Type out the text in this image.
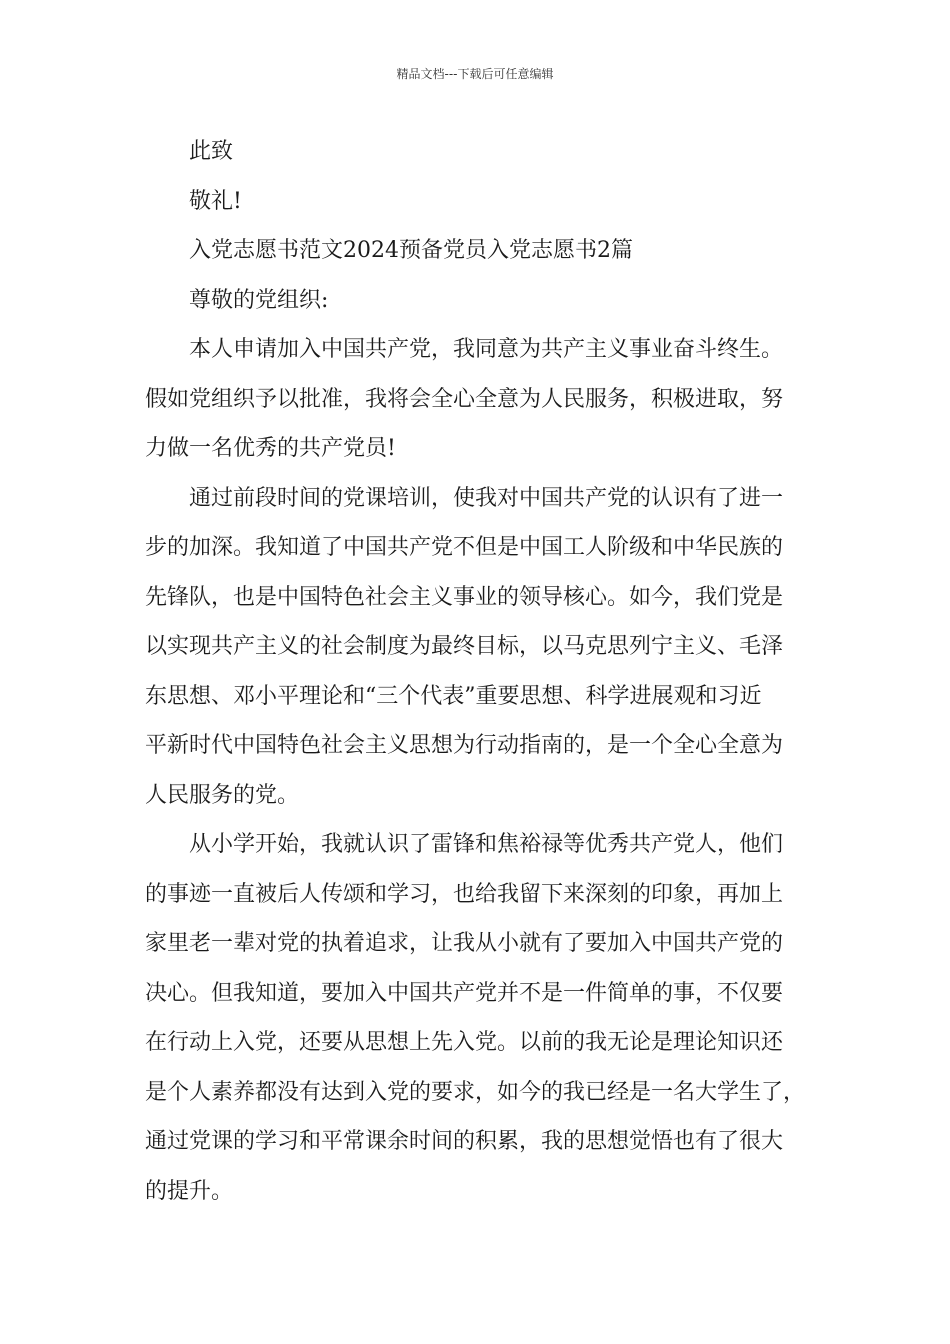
精品文档---下载后可任意编辑

此致

敬礼!

入党志愿书范文2024预备党员入党志愿书2篇

尊敬的党组织:

本人申请加入中国共产党，我同意为共产主义事业奋斗终生。
假如党组织予以批准，我将会全心全意为人民服务，积极进取，努
力做一名优秀的共产党员!
通过前段时间的党课培训，使我对中国共产党的认识有了进一
步的加深。我知道了中国共产党不但是中国工人阶级和中华民族的
先锋队，也是中国特色社会主义事业的领导核心。如今，我们党是
以实现共产主义的社会制度为最终目标，以马克思列宁主义、毛泽
东思想、邓小平理论和“三个代表”重要思想、科学进展观和习近
平新时代中国特色社会主义思想为行动指南的，是一个全心全意为
人民服务的党。
从小学开始，我就认识了雷锋和焦裕禄等优秀共产党人，他们
的事迹一直被后人传颂和学习，也给我留下来深刻的印象，再加上
家里老一辈对党的执着追求，让我从小就有了要加入中国共产党的
决心。但我知道，要加入中国共产党并不是一件简单的事，不仅要
在行动上入党，还要从思想上先入党。以前的我无论是理论知识还
是个人素养都没有达到入党的要求，如今的我已经是一名大学生了，
通过党课的学习和平常课余时间的积累，我的思想觉悟也有了很大
的提升。
